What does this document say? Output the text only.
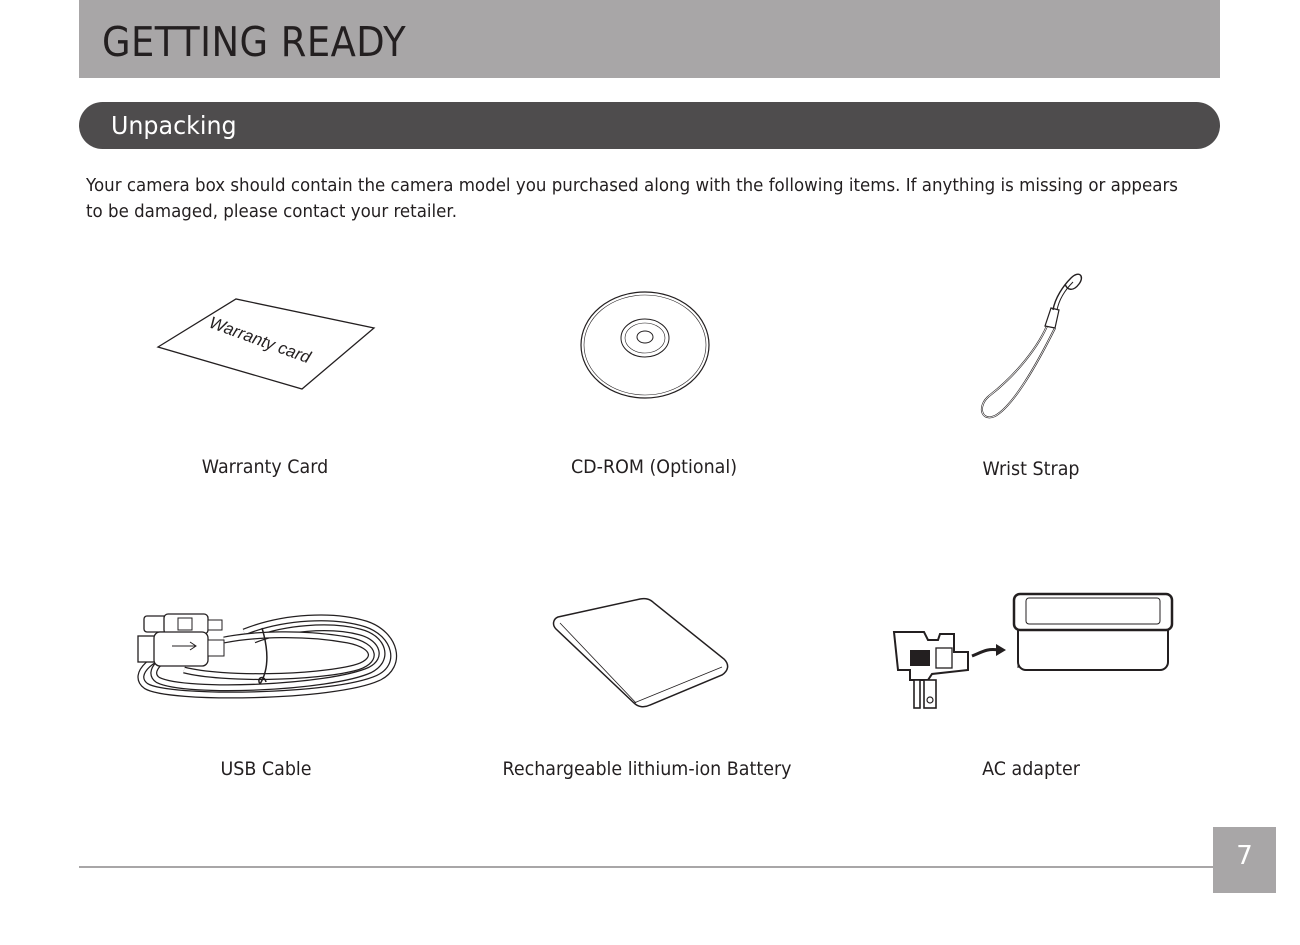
GETTING READY
Unpacking
Your camera box should contain the camera model you purchased along with the following items. If anything is missing or appears
to be damaged, please contact your retailer.
Warranty card
Warranty Card	CD-ROM (Optional)	Wrist Strap
USB Cable	Rechargeable lithium-ion Battery	AC adapter
7
